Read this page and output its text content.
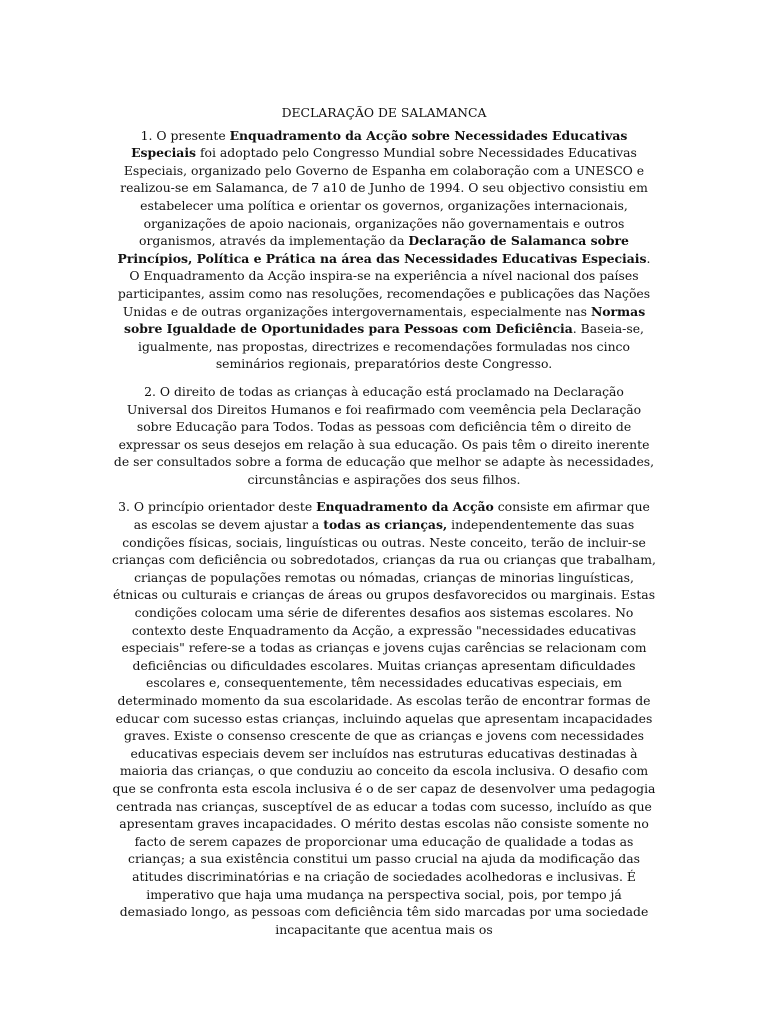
DECLARAÇÃO DE SALAMANCA

1. O presente Enquadramento da Acção sobre Necessidades Educativas Especiais foi adoptado pelo Congresso Mundial sobre Necessidades Educativas Especiais, organizado pelo Governo de Espanha em colaboração com a UNESCO e realizou-se em Salamanca, de 7 a10 de Junho de 1994. O seu objectivo consistiu em estabelecer uma política e orientar os governos, organizações internacionais, organizações de apoio nacionais, organizações não governamentais e outros organismos, através da implementação da Declaração de Salamanca sobre Princípios, Política e Prática na área das Necessidades Educativas Especiais. O Enquadramento da Acção inspira-se na experiência a nível nacional dos países participantes, assim como nas resoluções, recomendações e publicações das Nações Unidas e de outras organizações intergovernamentais, especialmente nas Normas sobre Igualdade de Oportunidades para Pessoas com Deficiência. Baseia-se, igualmente, nas propostas, directrizes e recomendações formuladas nos cinco seminários regionais, preparatórios deste Congresso.

2. O direito de todas as crianças à educação está proclamado na Declaração Universal dos Direitos Humanos e foi reafirmado com veemência pela Declaração sobre Educação para Todos. Todas as pessoas com deficiência têm o direito de expressar os seus desejos em relação à sua educação. Os pais têm o direito inerente de ser consultados sobre a forma de educação que melhor se adapte às necessidades, circunstâncias e aspirações dos seus filhos.

3. O princípio orientador deste Enquadramento da Acção consiste em afirmar que as escolas se devem ajustar a todas as crianças, independentemente das suas condições físicas, sociais, linguísticas ou outras. Neste conceito, terão de incluir-se crianças com deficiência ou sobredotados, crianças da rua ou crianças que trabalham, crianças de populações remotas ou nómadas, crianças de minorias linguísticas, étnicas ou culturais e crianças de áreas ou grupos desfavorecidos ou marginais. Estas condições colocam uma série de diferentes desafios aos sistemas escolares. No contexto deste Enquadramento da Acção, a expressão "necessidades educativas especiais" refere-se a todas as crianças e jovens cujas carências se relacionam com deficiências ou dificuldades escolares. Muitas crianças apresentam dificuldades escolares e, consequentemente, têm necessidades educativas especiais, em determinado momento da sua escolaridade. As escolas terão de encontrar formas de educar com sucesso estas crianças, incluindo aquelas que apresentam incapacidades graves. Existe o consenso crescente de que as crianças e jovens com necessidades educativas especiais devem ser incluídos nas estruturas educativas destinadas à maioria das crianças, o que conduziu ao conceito da escola inclusiva. O desafio com que se confronta esta escola inclusiva é o de ser capaz de desenvolver uma pedagogia centrada nas crianças, susceptível de as educar a todas com sucesso, incluído as que apresentam graves incapacidades. O mérito destas escolas não consiste somente no facto de serem capazes de proporcionar uma educação de qualidade a todas as crianças; a sua existência constitui um passo crucial na ajuda da modificação das atitudes discriminatórias e na criação de sociedades acolhedoras e inclusivas. É imperativo que haja uma mudança na perspectiva social, pois, por tempo já demasiado longo, as pessoas com deficiência têm sido marcadas por uma sociedade incapacitante que acentua mais os
